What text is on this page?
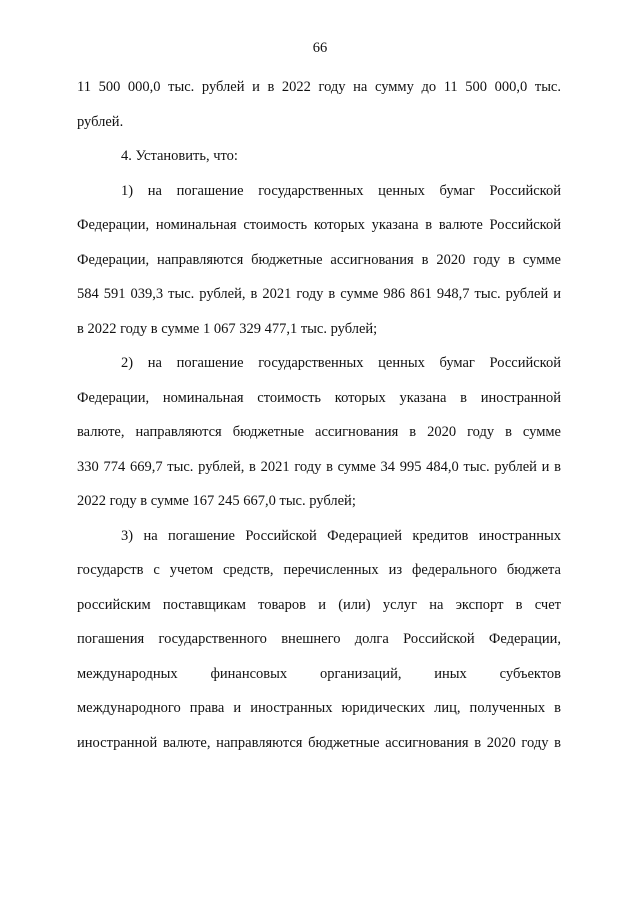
66
11 500 000,0 тыс. рублей и в 2022 году на сумму до 11 500 000,0 тыс.
рублей.
4. Установить, что:
1) на погашение государственных ценных бумаг Российской
Федерации, номинальная стоимость которых указана в валюте Российской
Федерации, направляются бюджетные ассигнования в 2020 году в сумме
584 591 039,3 тыс. рублей, в 2021 году в сумме 986 861 948,7 тыс. рублей и
в 2022 году в сумме 1 067 329 477,1 тыс. рублей;
2) на погашение государственных ценных бумаг Российской
Федерации, номинальная стоимость которых указана в иностранной
валюте, направляются бюджетные ассигнования в 2020 году в сумме
330 774 669,7 тыс. рублей, в 2021 году в сумме 34 995 484,0 тыс. рублей и в
2022 году в сумме 167 245 667,0 тыс. рублей;
3) на погашение Российской Федерацией кредитов иностранных
государств с учетом средств, перечисленных из федерального бюджета
российским поставщикам товаров и (или) услуг на экспорт в счет
погашения государственного внешнего долга Российской Федерации,
международных финансовых организаций, иных субъектов
международного права и иностранных юридических лиц, полученных в
иностранной валюте, направляются бюджетные ассигнования в 2020 году в
